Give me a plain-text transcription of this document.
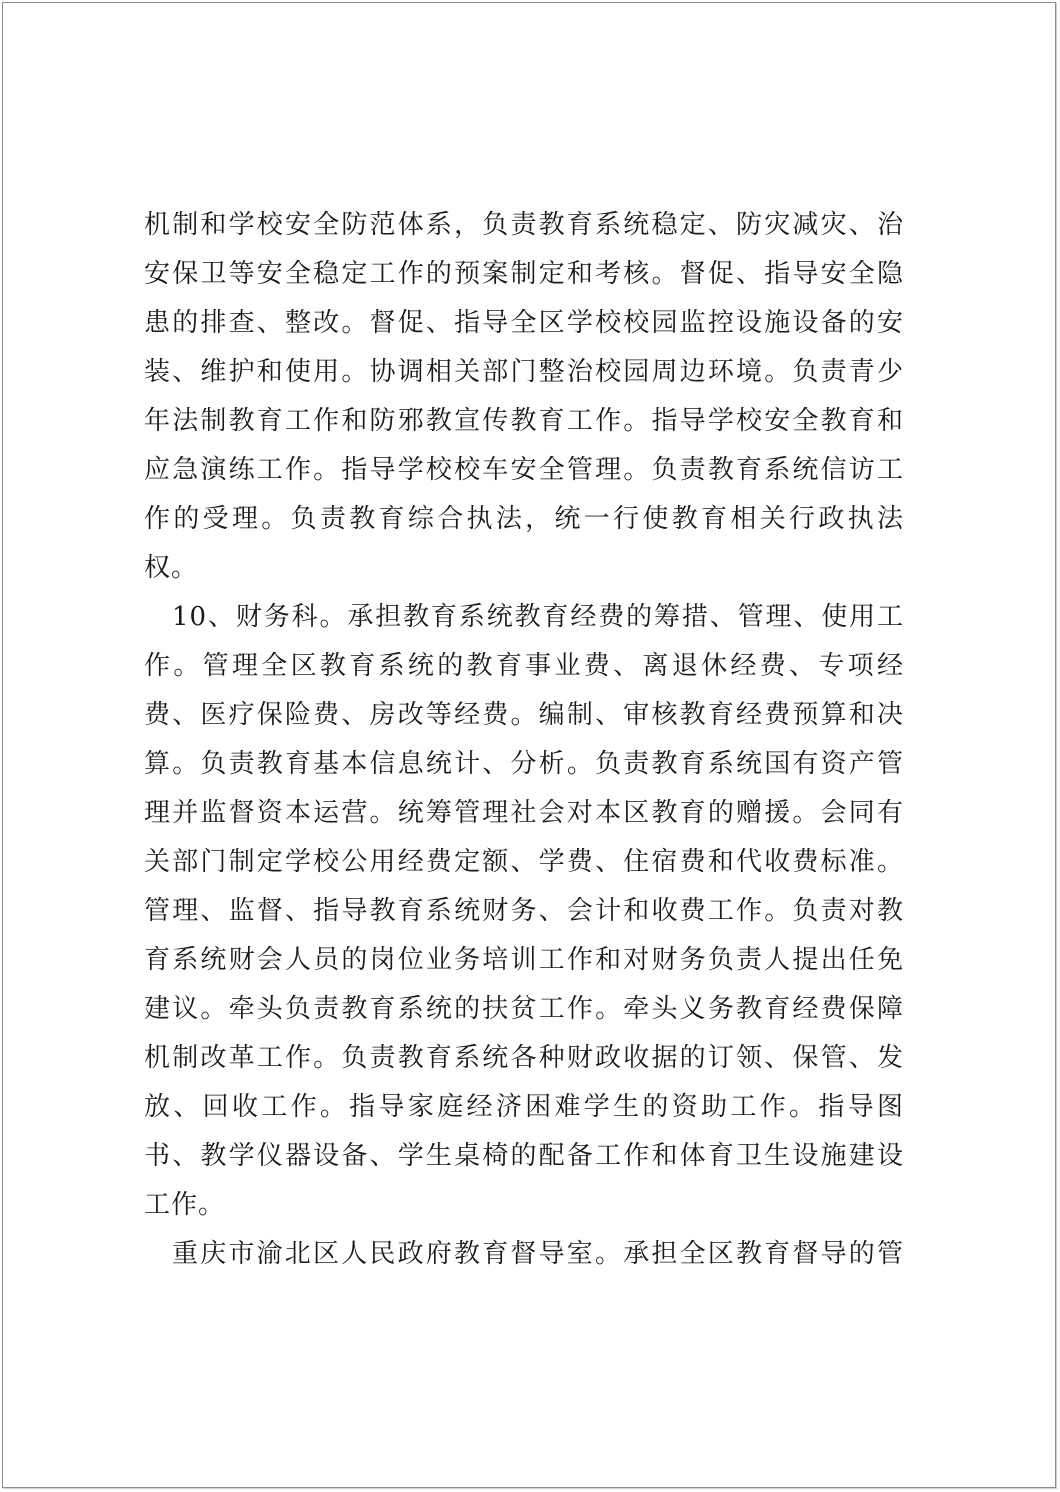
机制和学校安全防范体系，负责教育系统稳定、防灾减灾、治
安保卫等安全稳定工作的预案制定和考核。督促、指导安全隐
患的排查、整改。督促、指导全区学校校园监控设施设备的安
装、维护和使用。协调相关部门整治校园周边环境。负责青少
年法制教育工作和防邪教宣传教育工作。指导学校安全教育和
应急演练工作。指导学校校车安全管理。负责教育系统信访工
作的受理。负责教育综合执法，统一行使教育相关行政执法
权。
10、财务科。承担教育系统教育经费的筹措、管理、使用工
作。管理全区教育系统的教育事业费、离退休经费、专项经
费、医疗保险费、房改等经费。编制、审核教育经费预算和决
算。负责教育基本信息统计、分析。负责教育系统国有资产管
理并监督资本运营。统筹管理社会对本区教育的赠援。会同有
关部门制定学校公用经费定额、学费、住宿费和代收费标准。
管理、监督、指导教育系统财务、会计和收费工作。负责对教
育系统财会人员的岗位业务培训工作和对财务负责人提出任免
建议。牵头负责教育系统的扶贫工作。牵头义务教育经费保障
机制改革工作。负责教育系统各种财政收据的订领、保管、发
放、回收工作。指导家庭经济困难学生的资助工作。指导图
书、教学仪器设备、学生桌椅的配备工作和体育卫生设施建设
工作。
重庆市渝北区人民政府教育督导室。承担全区教育督导的管
